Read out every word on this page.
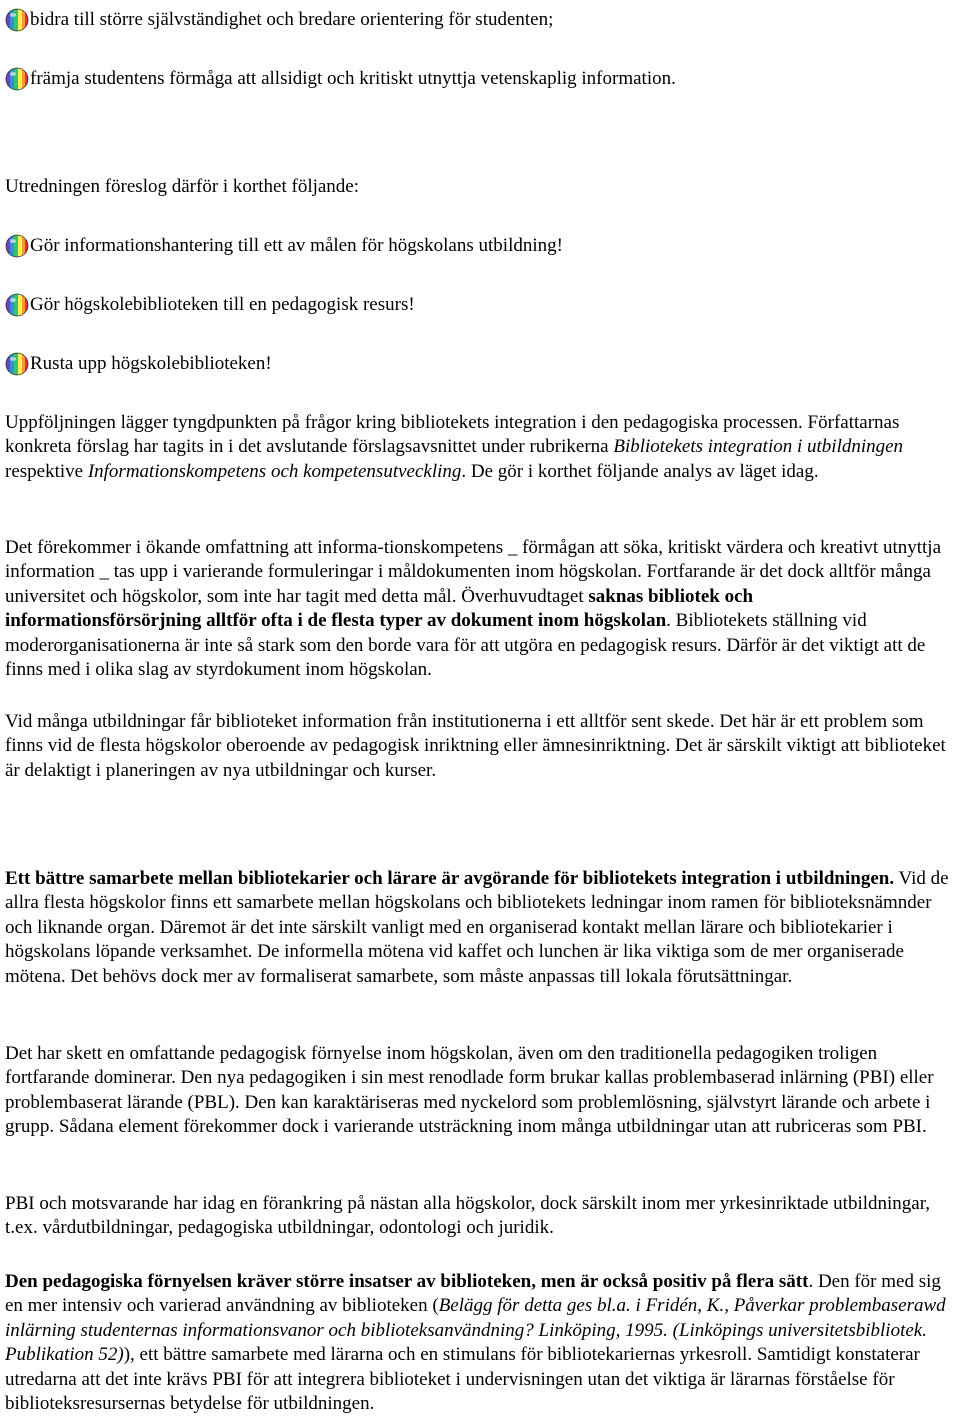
bidra till större självständighet och bredare orientering för studenten;
främja studentens förmåga att allsidigt och kritiskt utnyttja vetenskaplig information.

Utredningen föreslog därför i korthet följande:

Gör informationshantering till ett av målen för högskolans utbildning!
Gör högskolebiblioteken till en pedagogisk resurs!
Rusta upp högskolebiblioteken!

Uppföljningen lägger tyngdpunkten på frågor kring bibliotekets integration i den pedagogiska processen. Författarnas konkreta förslag har tagits in i det avslutande förslagsavsnittet under rubrikerna Bibliotekets integration i utbildningen respektive Informationskompetens och kompetensutveckling. De gör i korthet följande analys av läget idag.

Det förekommer i ökande omfattning att informa-tionskompetens _ förmågan att söka, kritiskt värdera och kreativt utnyttja information _ tas upp i varierande formuleringar i måldokumenten inom högskolan. Fortfarande är det dock alltför många universitet och högskolor, som inte har tagit med detta mål. Överhuvudtaget saknas bibliotek och informationsförsörjning alltför ofta i de flesta typer av dokument inom högskolan. Bibliotekets ställning vid moderorganisationerna är inte så stark som den borde vara för att utgöra en pedagogisk resurs. Därför är det viktigt att de finns med i olika slag av styrdokument inom högskolan.

Vid många utbildningar får biblioteket information från institutionerna i ett alltför sent skede. Det här är ett problem som finns vid de flesta högskolor oberoende av pedagogisk inriktning eller ämnesinriktning. Det är särskilt viktigt att biblioteket är delaktigt i planeringen av nya utbildningar och kurser.

Ett bättre samarbete mellan bibliotekarier och lärare är avgörande för bibliotekets integration i utbildningen. Vid de allra flesta högskolor finns ett samarbete mellan högskolans och bibliotekets ledningar inom ramen för biblioteksnämnder och liknande organ. Däremot är det inte särskilt vanligt med en organiserad kontakt mellan lärare och bibliotekarier i högskolans löpande verksamhet. De informella mötena vid kaffet och lunchen är lika viktiga som de mer organiserade mötena. Det behövs dock mer av formaliserat samarbete, som måste anpassas till lokala förutsättningar.

Det har skett en omfattande pedagogisk förnyelse inom högskolan, även om den traditionella pedagogiken troligen fortfarande dominerar. Den nya pedagogiken i sin mest renodlade form brukar kallas problembaserad inlärning (PBI) eller problembaserat lärande (PBL). Den kan karaktäriseras med nyckelord som problemlösning, självstyrt lärande och arbete i grupp. Sådana element förekommer dock i varierande utsträckning inom många utbildningar utan att rubriceras som PBI.

PBI och motsvarande har idag en förankring på nästan alla högskolor, dock särskilt inom mer yrkesinriktade utbildningar, t.ex. vårdutbildningar, pedagogiska utbildningar, odontologi och juridik.

Den pedagogiska förnyelsen kräver större insatser av biblioteken, men är också positiv på flera sätt. Den för med sig en mer intensiv och varierad användning av biblioteken (Belägg för detta ges bl.a. i Fridén, K., Påverkar problembaserawd inlärning studenternas informationsvanor och biblioteksanvändning? Linköping, 1995. (Linköpings universitetsbibliotek. Publikation 52)), ett bättre samarbete med lärarna och en stimulans för bibliotekariernas yrkesroll. Samtidigt konstaterar utredarna att det inte krävs PBI för att integrera biblioteket i undervisningen utan det viktiga är lärarnas förståelse för biblioteksresursernas betydelse för utbildningen.
